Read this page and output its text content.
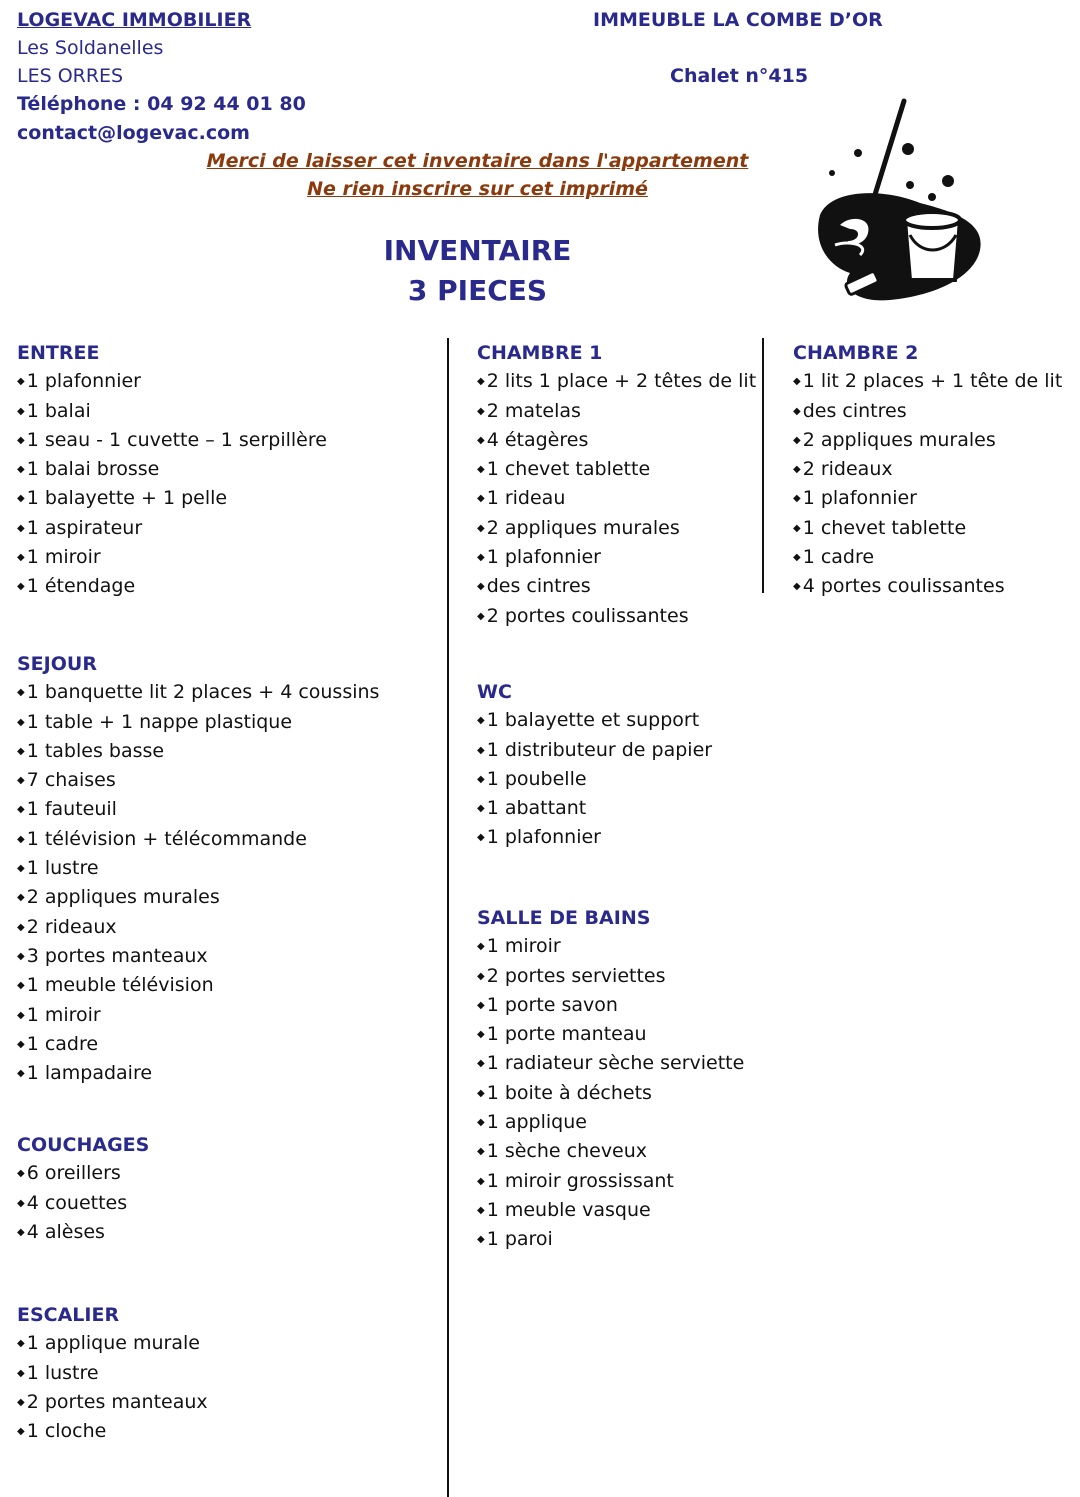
LOGEVAC IMMOBILIER
Les Soldanelles
LES ORRES
Téléphone : 04 92 44 01 80
contact@logevac.com
IMMEUBLE LA COMBE D’OR
Chalet n°415
Merci de laisser cet inventaire dans l'appartement
Ne rien inscrire sur cet imprimé
INVENTAIRE
3 PIECES
ENTREE
◆ 1 plafonnier
◆ 1 balai
◆ 1 seau - 1 cuvette – 1 serpillère
◆ 1 balai brosse
◆ 1 balayette + 1 pelle
◆ 1 aspirateur
◆ 1 miroir
◆ 1 étendage
SEJOUR
◆ 1 banquette lit 2 places + 4 coussins
◆ 1 table + 1 nappe plastique
◆ 1 tables basse
◆ 7 chaises
◆ 1 fauteuil
◆ 1 télévision + télécommande
◆ 1 lustre
◆ 2 appliques murales
◆ 2 rideaux
◆ 3 portes manteaux
◆ 1 meuble télévision
◆ 1 miroir
◆ 1 cadre
◆ 1 lampadaire
COUCHAGES
◆ 6 oreillers
◆ 4 couettes
◆ 4 alèses
ESCALIER
◆ 1 applique murale
◆ 1 lustre
◆ 2 portes manteaux
◆ 1 cloche
CHAMBRE 1
◆ 2 lits 1 place + 2 têtes de lit
◆ 2 matelas
◆ 4 étagères
◆ 1 chevet tablette
◆ 1 rideau
◆ 2 appliques murales
◆ 1 plafonnier
◆ des cintres
◆ 2 portes coulissantes
WC
◆ 1 balayette et support
◆ 1 distributeur de papier
◆ 1 poubelle
◆ 1 abattant
◆ 1 plafonnier
SALLE DE BAINS
◆ 1 miroir
◆ 2 portes serviettes
◆ 1 porte savon
◆ 1 porte manteau
◆ 1 radiateur sèche serviette
◆ 1 boite à déchets
◆ 1 applique
◆ 1 sèche cheveux
◆ 1 miroir grossissant
◆ 1 meuble vasque
◆ 1 paroi
CHAMBRE 2
◆ 1 lit 2 places + 1 tête de lit
◆ des cintres
◆ 2 appliques murales
◆ 2 rideaux
◆ 1 plafonnier
◆ 1 chevet tablette
◆ 1 cadre
◆ 4 portes coulissantes
